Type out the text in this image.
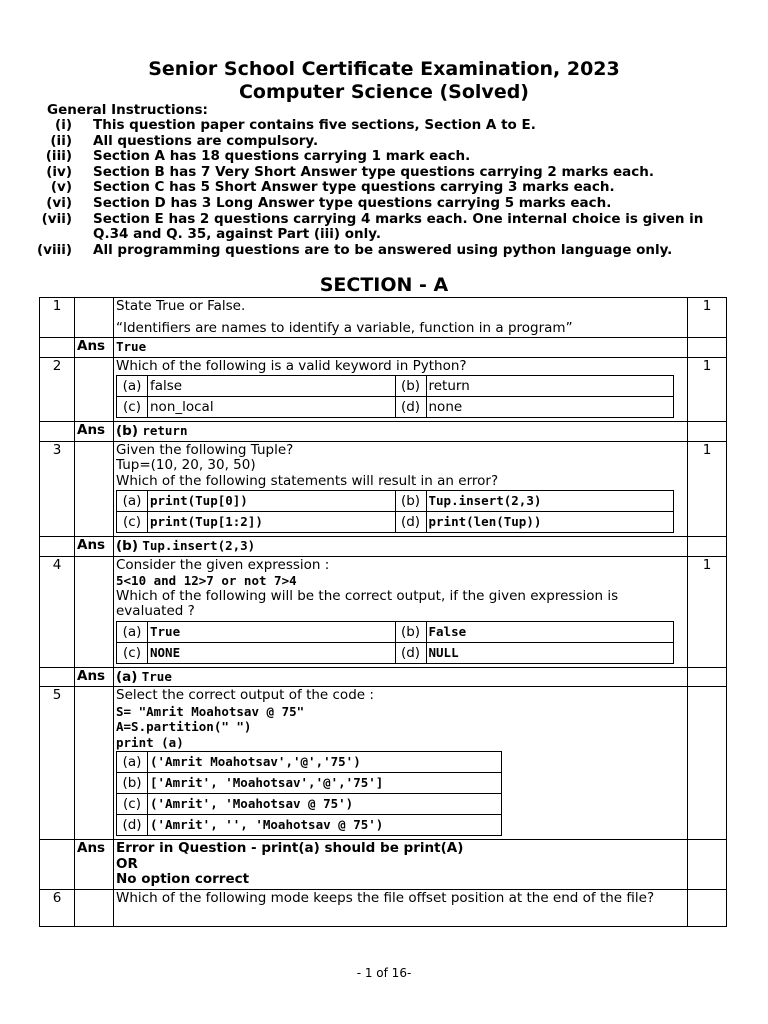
Senior School Certificate Examination, 2023
Computer Science (Solved)
General Instructions:
(i) This question paper contains five sections, Section A to E.
(ii) All questions are compulsory.
(iii) Section A has 18 questions carrying 1 mark each.
(iv) Section B has 7 Very Short Answer type questions carrying 2 marks each.
(v) Section C has 5 Short Answer type questions carrying 3 marks each.
(vi) Section D has 3 Long Answer type questions carrying 5 marks each.
(vii) Section E has 2 questions carrying 4 marks each. One internal choice is given in Q.34 and Q. 35, against Part (iii) only.
(viii) All programming questions are to be answered using python language only.
SECTION - A
1		State True or False.
“Identifiers are names to identify a variable, function in a program”
	1
	Ans	True	
2		Which of the following is a valid keyword in Python?
(a)	false	(b)	return
(c)	non_local	(d)	none
	1
	Ans	(b) return	
3		Given the following Tuple?
Tup=(10, 20, 30, 50)
Which of the following statements will result in an error?
(a)	print(Tup[0])	(b)	Tup.insert(2,3)
(c)	print(Tup[1:2])	(d)	print(len(Tup))
	1
	Ans	(b) Tup.insert(2,3)	
4		Consider the given expression :
5<10 and 12>7 or not 7>4
Which of the following will be the correct output, if the given expression is evaluated ?
(a)	True	(b)	False
(c)	NONE	(d)	NULL
	1
	Ans	(a) True	
5		Select the correct output of the code :
S= "Amrit Moahotsav @ 75"
A=S.partition(" ")
print (a)
(a)	('Amrit Moahotsav','@','75')
(b)	['Amrit', 'Moahotsav','@','75']
(c)	('Amrit', 'Moahotsav @ 75')
(d)	('Amrit', '', 'Moahotsav @ 75')

	Ans	Error in Question - print(a) should be print(A)
OR
No option correct

6		Which of the following mode keeps the file offset position at the end of the file?	
- 1 of 16-
